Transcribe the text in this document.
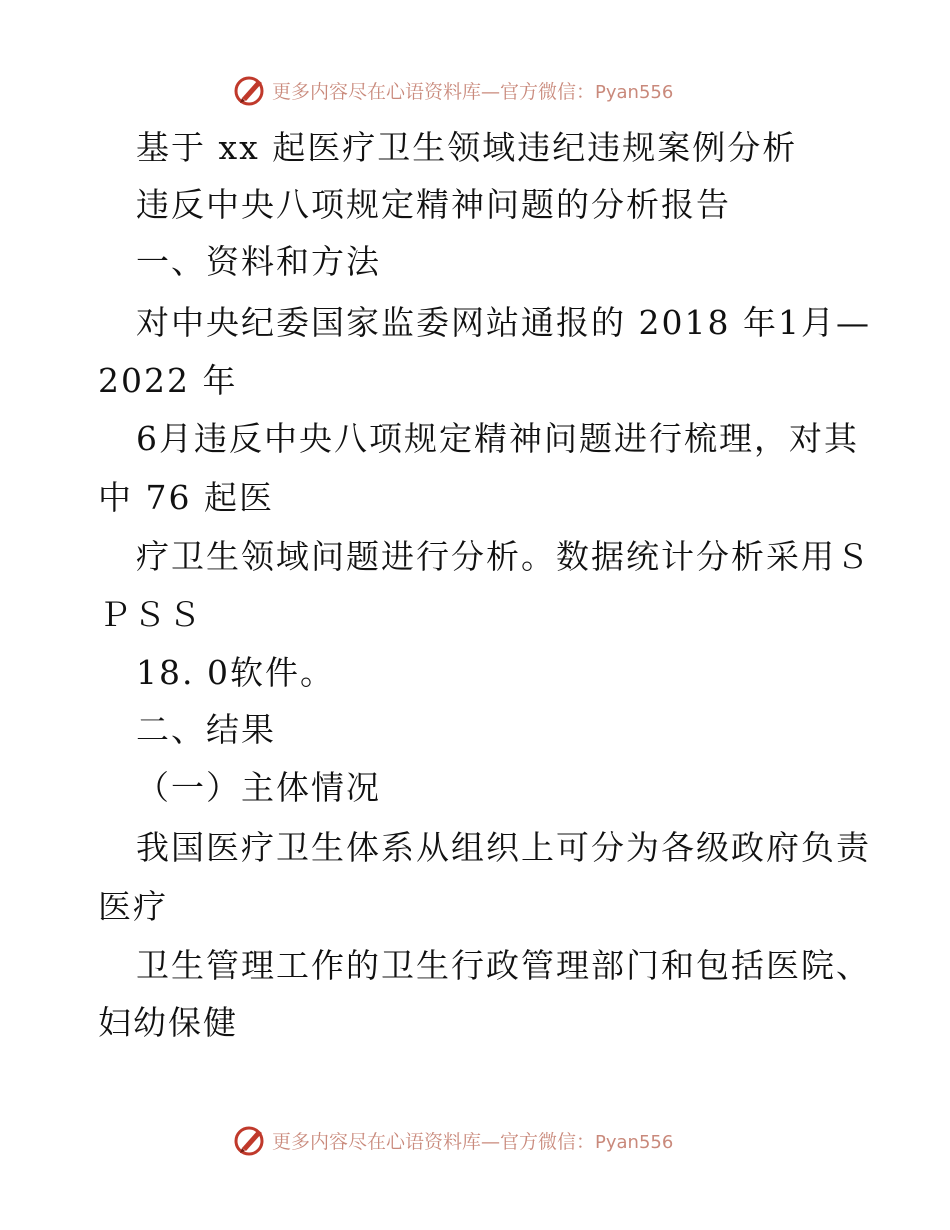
更多内容尽在心语资料库—官方微信：Pyan556
基于 xx 起医疗卫生领域违纪违规案例分析
违反中央八项规定精神问题的分析报告
一、资料和方法
对中央纪委国家监委网站通报的 2018 年1月—
2022 年
6月违反中央八项规定精神问题进行梳理，对其
中 76 起医
疗卫生领域问题进行分析。数据统计分析采用Ｓ
ＰＳＳ
18. 0软件。
二、结果
（一）主体情况
我国医疗卫生体系从组织上可分为各级政府负责
医疗
卫生管理工作的卫生行政管理部门和包括医院、
妇幼保健
更多内容尽在心语资料库—官方微信：Pyan556
